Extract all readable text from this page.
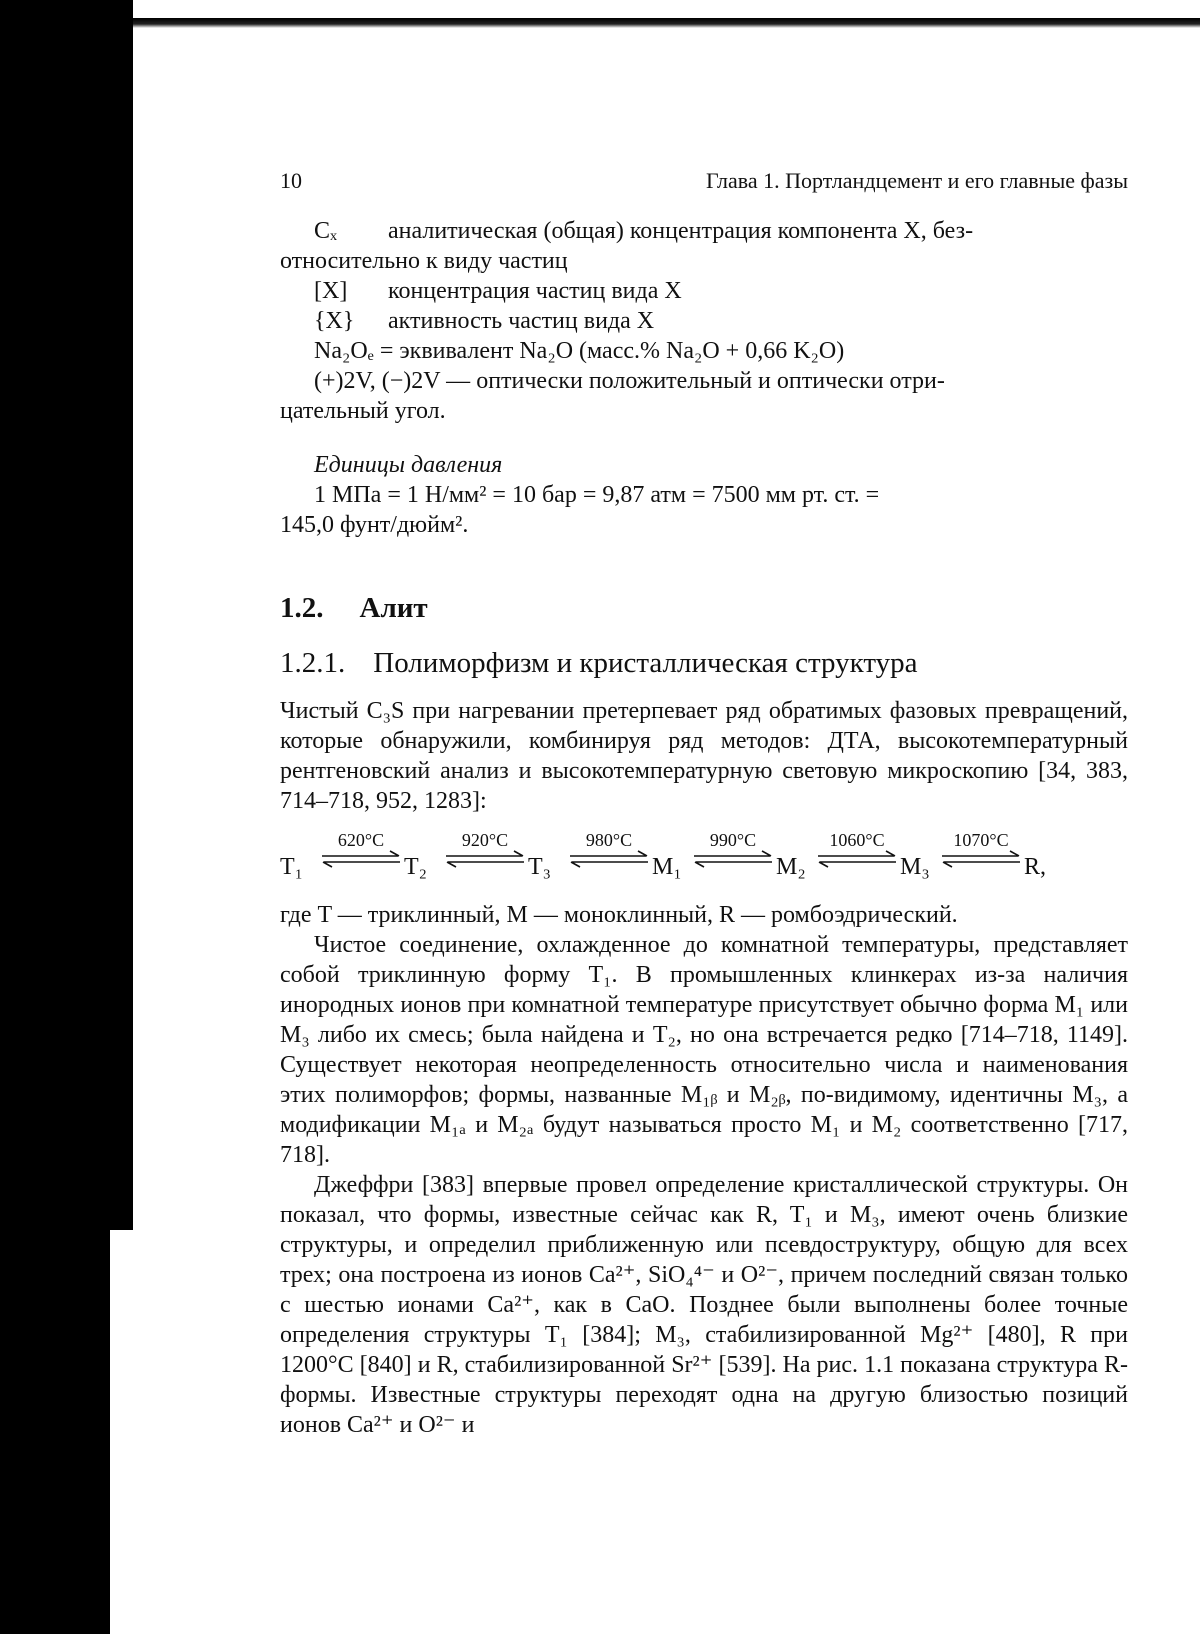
10	Глава 1. Портландцемент и его главные фазы

Cₓ аналитическая (общая) концентрация компонента X, без-

относительно к виду частиц

[X] концентрация частиц вида X

{X} активность частиц вида X

Na₂Oₑ = эквивалент Na₂O (масс.% Na₂O + 0,66 K₂O)

(+)2V, (−)2V — оптически положительный и оптически отри-

цательный угол.

Единицы давления

1 МПа = 1 Н/мм² = 10 бар = 9,87 атм = 7500 мм рт. ст. =

145,0 фунт/дюйм².

1.2. Алит
1.2.1. Полиморфизм и кристаллическая структура

Чистый C₃S при нагревании претерпевает ряд обратимых фазовых превращений, которые обнаружили, комбинируя ряд методов: ДТА, высокотемпературный рентгеновский анализ и высокотемпературную световую микроскопию [34, 383, 714–718, 952, 1283]:

T₁
620°C
T₂
920°C
T₃
980°C
M₁
990°C
M₂
1060°C
M₃
1070°C
R,

где T — триклинный, M — моноклинный, R — ромбоэдрический.

Чистое соединение, охлажденное до комнатной температуры, представляет собой триклинную форму T₁. В промышленных клинкерах из-за наличия инородных ионов при комнатной температуре присутствует обычно форма M₁ или M₃ либо их смесь; была найдена и T₂, но она встречается редко [714–718, 1149]. Существует некоторая неопределенность относительно числа и наименования этих полиморфов; формы, названные M₁ᵦ и M₂ᵦ, по-видимому, идентичны M₃, а модификации M₁ₐ и M₂ₐ будут называться просто M₁ и M₂ соответственно [717, 718].

Джеффри [383] впервые провел определение кристаллической структуры. Он показал, что формы, известные сейчас как R, T₁ и M₃, имеют очень близкие структуры, и определил приближенную или псевдоструктуру, общую для всех трех; она построена из ионов Ca²⁺, SiO₄⁴⁻ и O²⁻, причем последний связан только с шестью ионами Ca²⁺, как в CaO. Позднее были выполнены более точные определения структуры T₁ [384]; M₃, стабилизированной Mg²⁺ [480], R при 1200°C [840] и R, стабилизированной Sr²⁺ [539]. На рис. 1.1 показана структура R-формы. Известные структуры переходят одна на другую близостью позиций ионов Ca²⁺ и O²⁻ и
